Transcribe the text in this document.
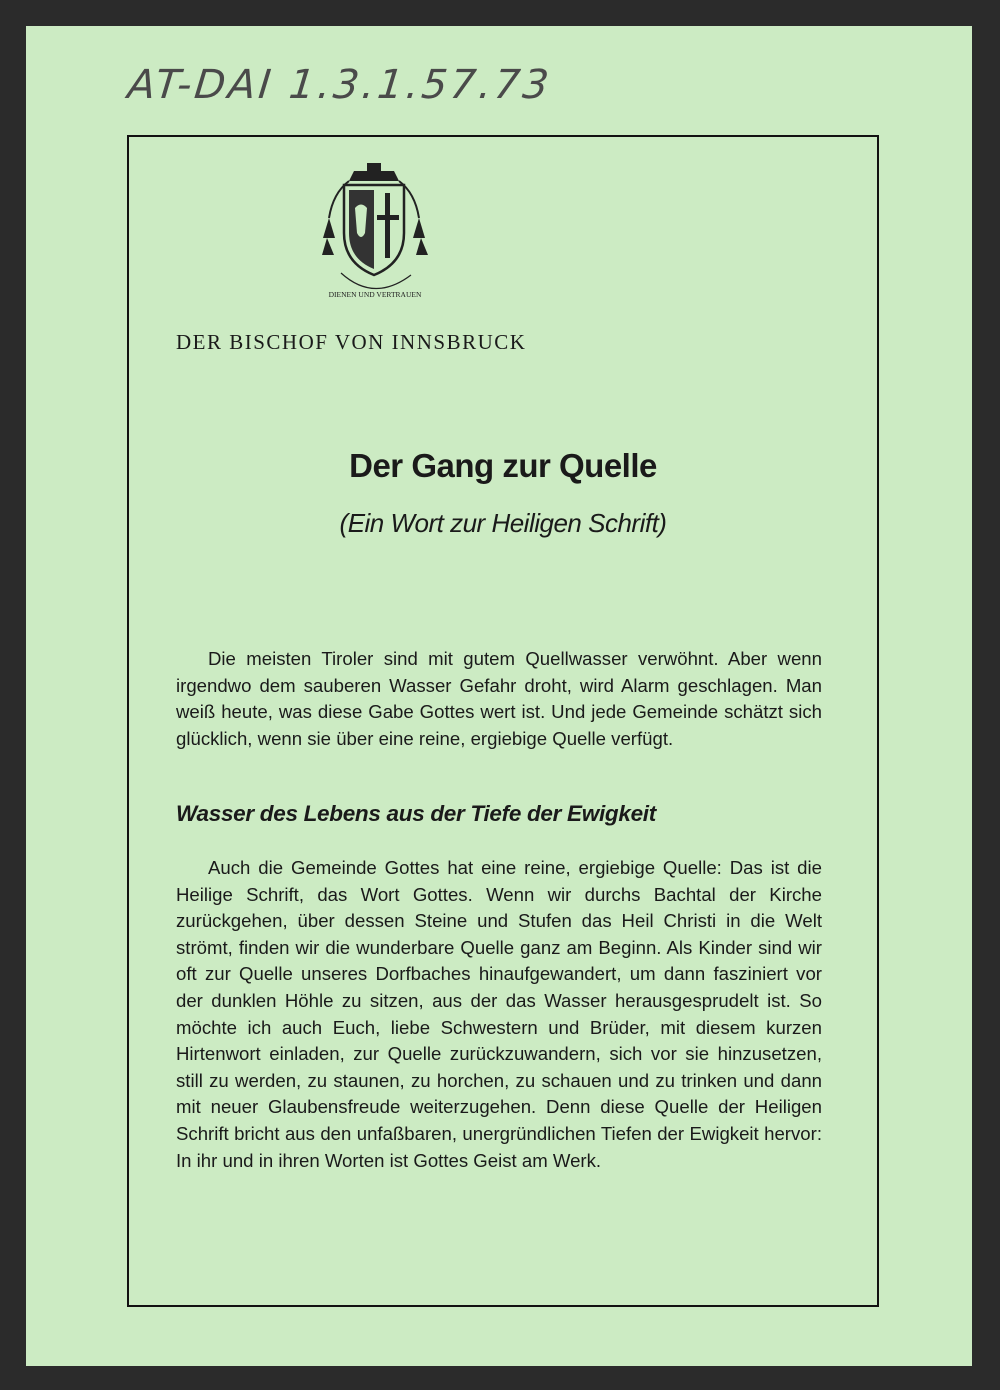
AT-DAI 1.3.1.57.73
DIENEN UND VERTRAUEN
DER BISCHOF VON INNSBRUCK
Der Gang zur Quelle
(Ein Wort zur Heiligen Schrift)

Die meisten Tiroler sind mit gutem Quellwasser verwöhnt. Aber wenn irgendwo dem sauberen Wasser Gefahr droht, wird Alarm geschlagen. Man weiß heute, was diese Gabe Gottes wert ist. Und jede Gemeinde schätzt sich glücklich, wenn sie über eine reine, ergiebige Quelle verfügt.

Wasser des Lebens aus der Tiefe der Ewigkeit

Auch die Gemeinde Gottes hat eine reine, ergiebige Quelle: Das ist die Heilige Schrift, das Wort Gottes. Wenn wir durchs Bachtal der Kirche zurückgehen, über dessen Steine und Stufen das Heil Christi in die Welt strömt, finden wir die wunderbare Quelle ganz am Beginn. Als Kinder sind wir oft zur Quelle unseres Dorfbaches hinaufgewandert, um dann fasziniert vor der dunklen Höhle zu sitzen, aus der das Wasser herausgesprudelt ist. So möchte ich auch Euch, liebe Schwestern und Brüder, mit diesem kurzen Hirtenwort einladen, zur Quelle zurückzuwandern, sich vor sie hinzusetzen, still zu werden, zu staunen, zu horchen, zu schauen und zu trinken und dann mit neuer Glaubensfreude weiterzugehen. Denn diese Quelle der Heiligen Schrift bricht aus den unfaßbaren, unergründlichen Tiefen der Ewigkeit hervor: In ihr und in ihren Worten ist Gottes Geist am Werk.
